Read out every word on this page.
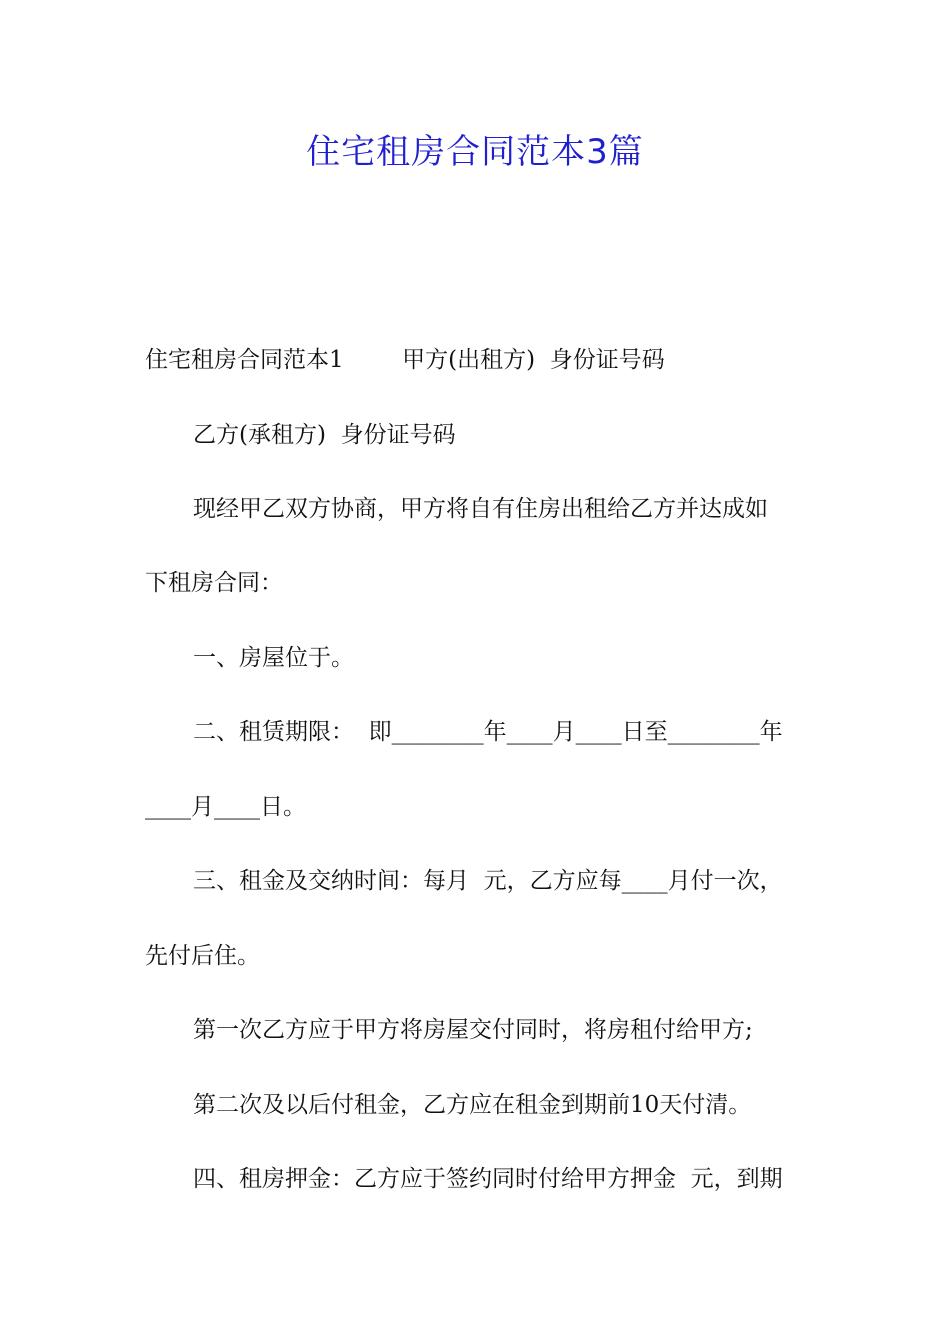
住宅租房合同范本3篇
住宅租房合同范本1        甲方(出租方)  身份证号码
乙方(承租方)  身份证号码
现经甲乙双方协商，甲方将自有住房出租给乙方并达成如
下租房合同：
一、房屋位于。
二、租赁期限：  即________年____月____日至________年
____月____日。
三、租金及交纳时间：每月  元，乙方应每____月付一次，
先付后住。
第一次乙方应于甲方将房屋交付同时，将房租付给甲方;
第二次及以后付租金，乙方应在租金到期前10天付清。
四、租房押金：乙方应于签约同时付给甲方押金  元，到期
